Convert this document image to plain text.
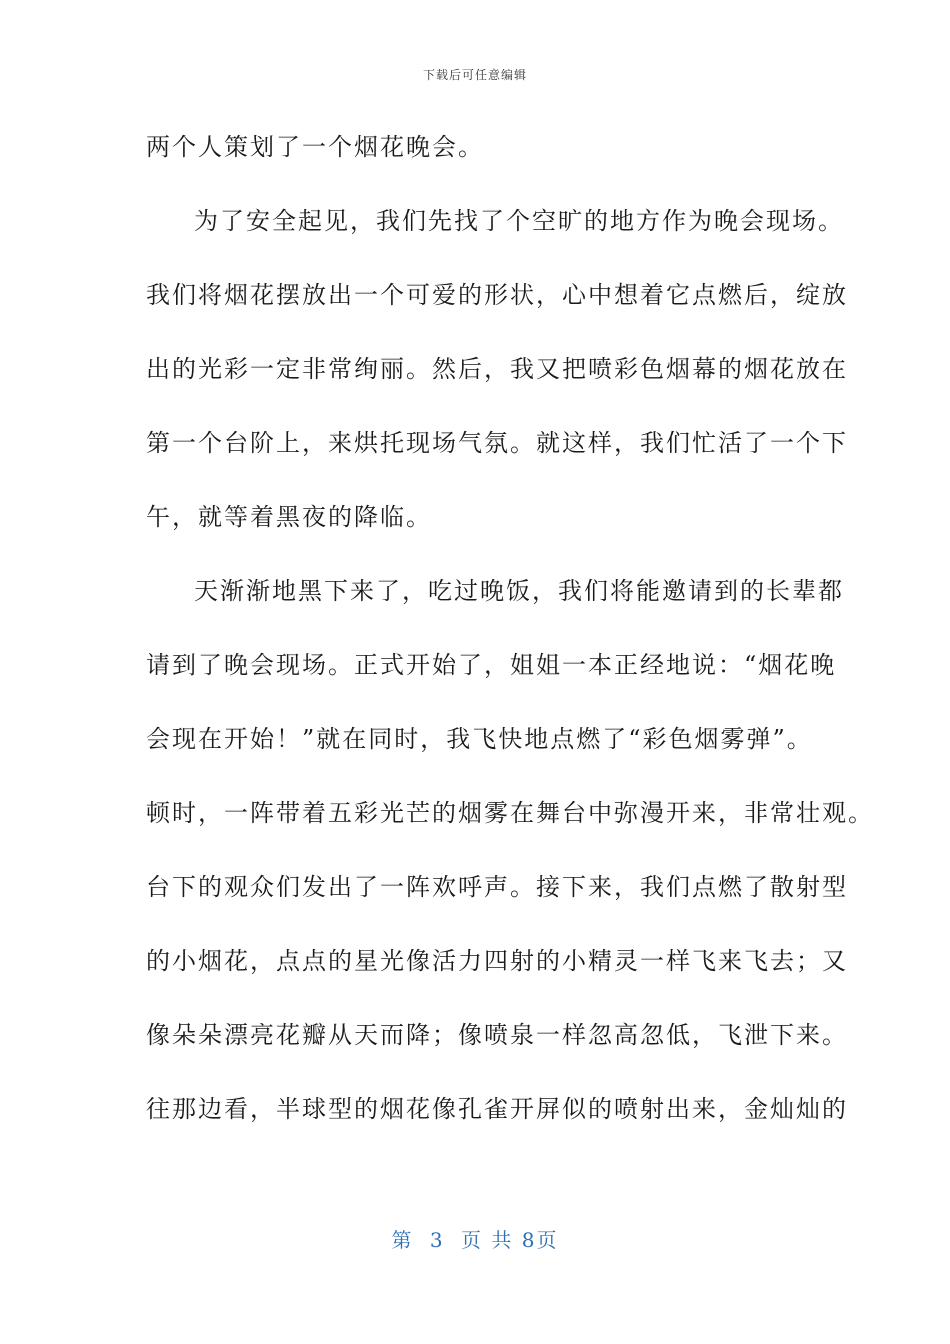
下载后可任意编辑
两个人策划了一个烟花晚会。
为了安全起见，我们先找了个空旷的地方作为晚会现场。
我们将烟花摆放出一个可爱的形状，心中想着它点燃后，绽放
出的光彩一定非常绚丽。然后，我又把喷彩色烟幕的烟花放在
第一个台阶上，来烘托现场气氛。就这样，我们忙活了一个下
午，就等着黑夜的降临。
天渐渐地黑下来了，吃过晚饭，我们将能邀请到的长辈都
请到了晚会现场。正式开始了，姐姐一本正经地说：“烟花晚
会现在开始！”就在同时，我飞快地点燃了“彩色烟雾弹”。
顿时，一阵带着五彩光芒的烟雾在舞台中弥漫开来，非常壮观。
台下的观众们发出了一阵欢呼声。接下来，我们点燃了散射型
的小烟花，点点的星光像活力四射的小精灵一样飞来飞去；又
像朵朵漂亮花瓣从天而降；像喷泉一样忽高忽低，飞泄下来。
往那边看，半球型的烟花像孔雀开屏似的喷射出来，金灿灿的
第 3 页 共 8页
